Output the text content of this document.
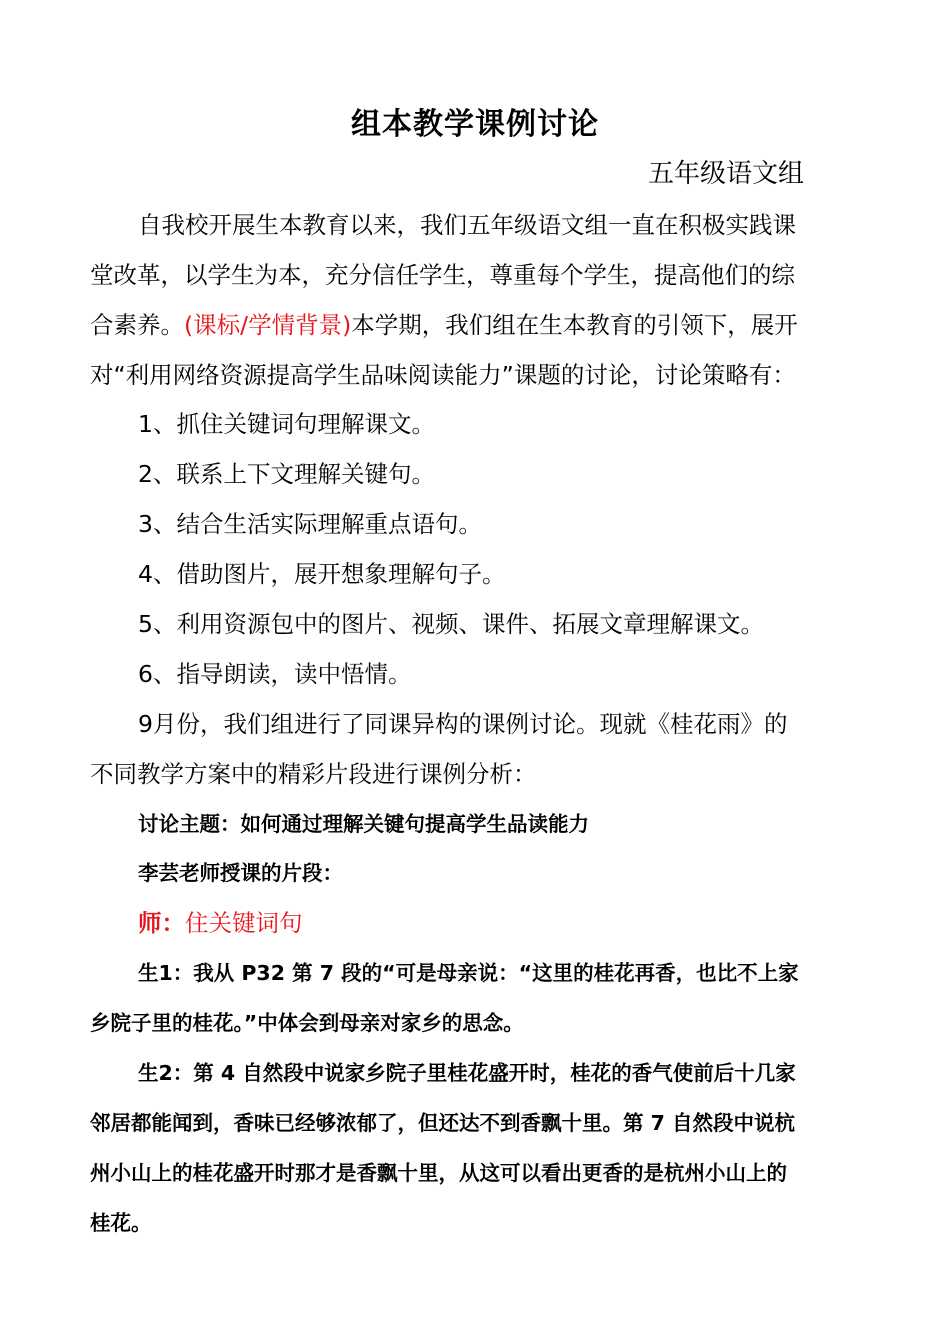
组本教学课例讨论
五年级语文组
自我校开展生本教育以来，我们五年级语文组一直在积极实践课
堂改革，以学生为本，充分信任学生，尊重每个学生，提高他们的综
合素养。(课标/学情背景)本学期，我们组在生本教育的引领下，展开
对“利用网络资源提高学生品味阅读能力”课题的讨论，讨论策略有：
1、抓住关键词句理解课文。
2、联系上下文理解关键句。
3、结合生活实际理解重点语句。
4、借助图片，展开想象理解句子。
5、利用资源包中的图片、视频、课件、拓展文章理解课文。
6、指导朗读，读中悟情。
9月份，我们组进行了同课异构的课例讨论。现就《桂花雨》的
不同教学方案中的精彩片段进行课例分析：
讨论主题：如何通过理解关键句提高学生品读能力
李芸老师授课的片段：
师：住关键词句
生1：我从 P32 第 7 段的“可是母亲说：“这里的桂花再香，也比不上家
乡院子里的桂花。”中体会到母亲对家乡的思念。
生2：第 4 自然段中说家乡院子里桂花盛开时，桂花的香气使前后十几家
邻居都能闻到，香味已经够浓郁了，但还达不到香飘十里。第 7 自然段中说杭
州小山上的桂花盛开时那才是香飘十里，从这可以看出更香的是杭州小山上的
桂花。
